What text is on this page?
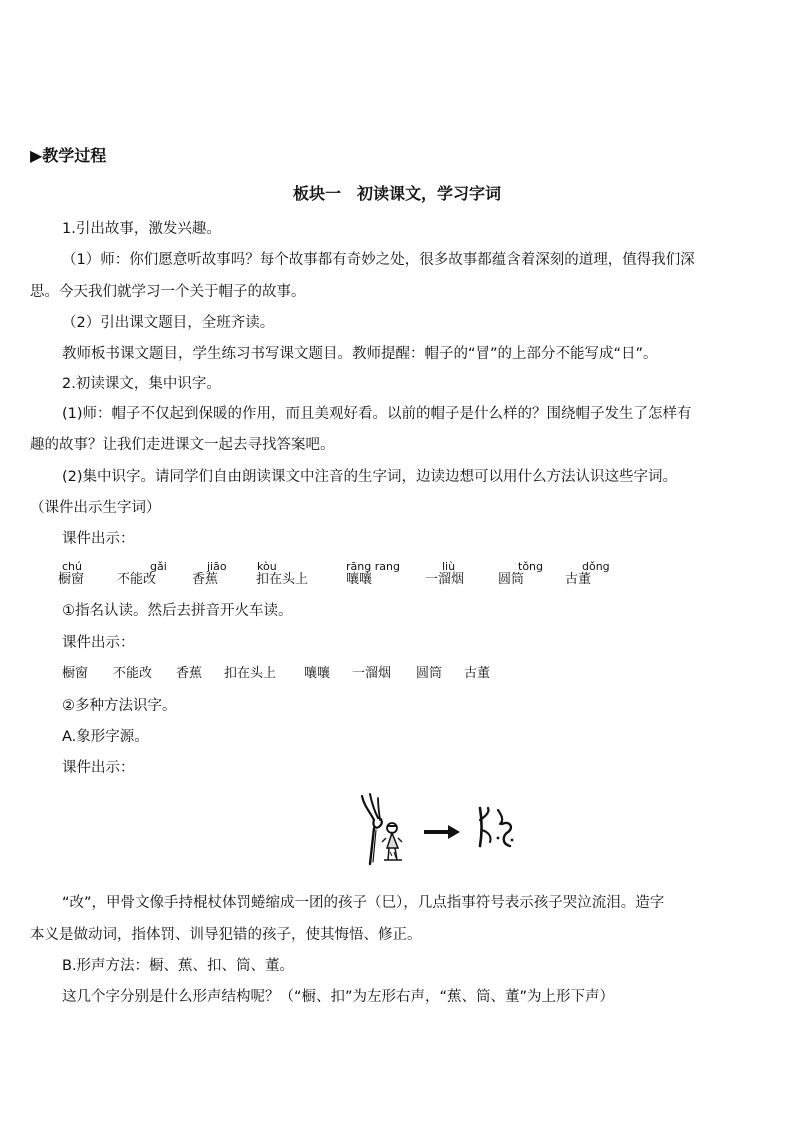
▶教学过程
板块一　初读课文，学习字词
1.引出故事，激发兴趣。
（1）师：你们愿意听故事吗？每个故事都有奇妙之处，很多故事都蕴含着深刻的道理，值得我们深
思。今天我们就学习一个关于帽子的故事。
（2）引出课文题目，全班齐读。
教师板书课文题目，学生练习书写课文题目。教师提醒：帽子的“冒”的上部分不能写成“日”。
2.初读课文，集中识字。
(1)师：帽子不仅起到保暖的作用，而且美观好看。以前的帽子是什么样的？围绕帽子发生了怎样有
趣的故事？让我们走进课文一起去寻找答案吧。
(2)集中识字。请同学们自由朗读课文中注音的生字词，边读边想可以用什么方法认识这些字词。
（课件出示生字词）
课件出示：
chú
橱窗
gǎi
不能改
jiāo
香蕉
kòu
扣在头上
rāng rang
嚷嚷
liù
一溜烟
tǒng
圆筒
dǒng
古董
①指名认读。然后去拼音开火车读。
课件出示：
橱窗 不能改 香蕉 扣在头上 嚷嚷 一溜烟 圆筒 古董
②多种方法识字。
A.象形字源。
课件出示：
“改”，甲骨文像手持棍杖体罚蜷缩成一团的孩子（巳），几点指事符号表示孩子哭泣流泪。造字
本义是做动词，指体罚、训导犯错的孩子，使其悔悟、修正。
B.形声方法：橱、蕉、扣、筒、董。
这几个字分别是什么形声结构呢？（“橱、扣”为左形右声，“蕉、筒、董”为上形下声）
